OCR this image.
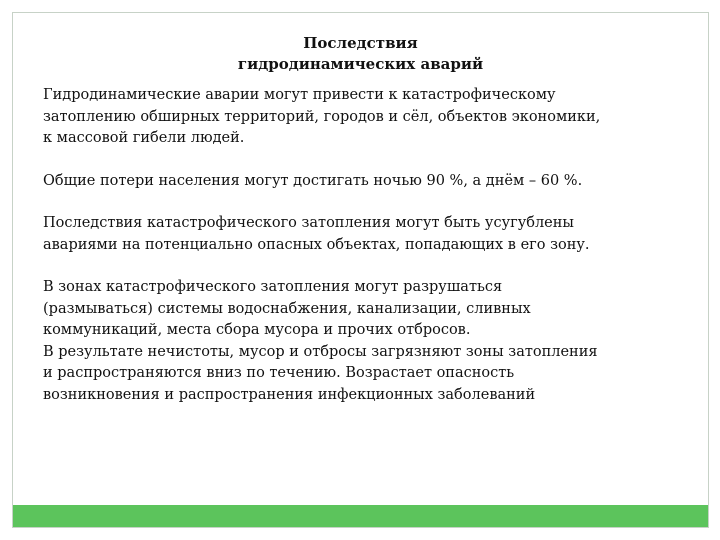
Последствия
гидродинамических аварий

Гидродинамические аварии могут привести к катастрофическому
затоплению обширных территорий, городов и сёл, объектов экономики,
к массовой гибели людей.

Общие потери населения могут достигать ночью 90 %, а днём – 60 %.

Последствия катастрофического затопления могут быть усугублены
авариями на потенциально опасных объектах, попадающих в его зону.

В зонах катастрофического затопления могут разрушаться
(размываться) системы водоснабжения, канализации, сливных
коммуникаций, места сбора мусора и прочих отбросов.

В результате нечистоты, мусор и отбросы загрязняют зоны затопления
и распространяются вниз по течению. Возрастает опасность
возникновения и распространения инфекционных заболеваний
